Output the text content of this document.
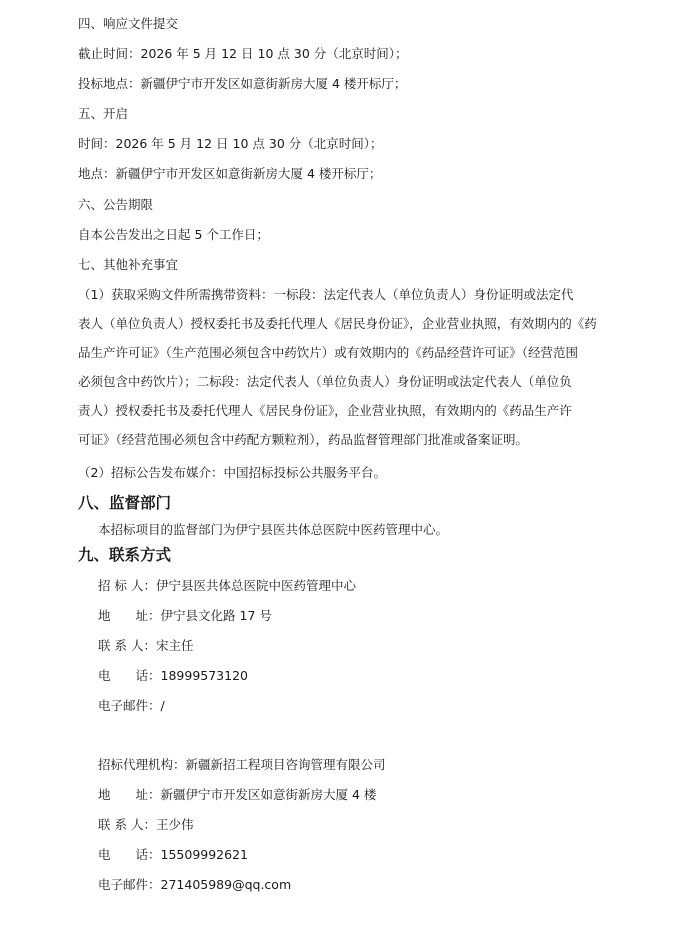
四、响应文件提交
截止时间：2026 年 5 月 12 日 10 点 30 分（北京时间）；
投标地点：新疆伊宁市开发区如意街新房大厦 4 楼开标厅；
五、开启
时间：2026 年 5 月 12 日 10 点 30 分（北京时间）；
地点：新疆伊宁市开发区如意街新房大厦 4 楼开标厅；
六、公告期限
自本公告发出之日起 5 个工作日；
七、其他补充事宜
（1）获取采购文件所需携带资料：一标段：法定代表人（单位负责人）身份证明或法定代
表人（单位负责人）授权委托书及委托代理人《居民身份证》，企业营业执照，有效期内的《药
品生产许可证》（生产范围必须包含中药饮片）或有效期内的《药品经营许可证》（经营范围
必须包含中药饮片）；二标段：法定代表人（单位负责人）身份证明或法定代表人（单位负
责人）授权委托书及委托代理人《居民身份证》，企业营业执照，有效期内的《药品生产许
可证》（经营范围必须包含中药配方颗粒剂），药品监督管理部门批准或备案证明。
（2）招标公告发布媒介：中国招标投标公共服务平台。
八、监督部门
本招标项目的监督部门为伊宁县医共体总医院中医药管理中心。
九、联系方式
招 标 人：伊宁县医共体总医院中医药管理中心
地　　址：伊宁县文化路 17 号
联 系 人：宋主任
电　　话：18999573120
电子邮件：/
招标代理机构：新疆新招工程项目咨询管理有限公司
地　　址：新疆伊宁市开发区如意街新房大厦 4 楼
联 系 人：王少伟
电　　话：15509992621
电子邮件：271405989@qq.com
